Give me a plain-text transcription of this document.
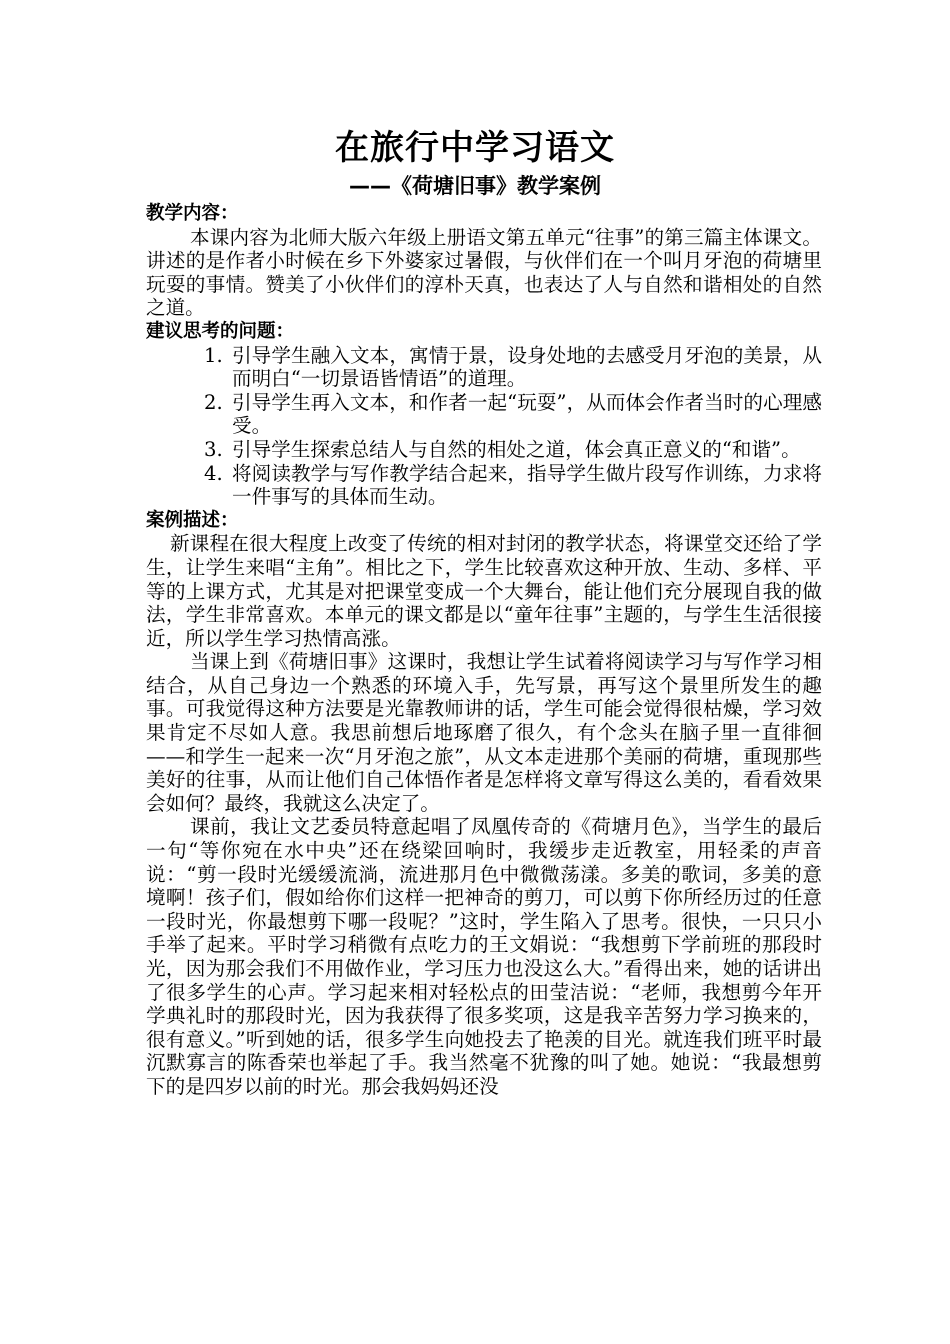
在旅行中学习语文
——《荷塘旧事》教学案例

教学内容：

本课内容为北师大版六年级上册语文第五单元“往事”的第三篇主体课文。讲述的是作者小时候在乡下外婆家过暑假，与伙伴们在一个叫月牙泡的荷塘里玩耍的事情。赞美了小伙伴们的淳朴天真，也表达了人与自然和谐相处的自然之道。

建议思考的问题：

1. 引导学生融入文本，寓情于景，设身处地的去感受月牙泡的美景，从而明白“一切景语皆情语”的道理。
2. 引导学生再入文本，和作者一起“玩耍”，从而体会作者当时的心理感受。
3. 引导学生探索总结人与自然的相处之道，体会真正意义的“和谐”。
4. 将阅读教学与写作教学结合起来，指导学生做片段写作训练，力求将一件事写的具体而生动。

案例描述：

新课程在很大程度上改变了传统的相对封闭的教学状态，将课堂交还给了学生，让学生来唱“主角”。相比之下，学生比较喜欢这种开放、生动、多样、平等的上课方式，尤其是对把课堂变成一个大舞台，能让他们充分展现自我的做法，学生非常喜欢。本单元的课文都是以“童年往事”主题的，与学生生活很接近，所以学生学习热情高涨。

当课上到《荷塘旧事》这课时，我想让学生试着将阅读学习与写作学习相结合，从自己身边一个熟悉的环境入手，先写景，再写这个景里所发生的趣事。可我觉得这种方法要是光靠教师讲的话，学生可能会觉得很枯燥，学习效果肯定不尽如人意。我思前想后地琢磨了很久，有个念头在脑子里一直徘徊——和学生一起来一次“月牙泡之旅”，从文本走进那个美丽的荷塘，重现那些美好的往事，从而让他们自己体悟作者是怎样将文章写得这么美的，看看效果会如何？最终，我就这么决定了。

课前，我让文艺委员特意起唱了凤凰传奇的《荷塘月色》，当学生的最后一句“等你宛在水中央”还在绕梁回响时，我缓步走近教室，用轻柔的声音说：“剪一段时光缓缓流淌，流进那月色中微微荡漾。多美的歌词，多美的意境啊！孩子们，假如给你们这样一把神奇的剪刀，可以剪下你所经历过的任意一段时光，你最想剪下哪一段呢？”这时，学生陷入了思考。很快，一只只小手举了起来。平时学习稍微有点吃力的王文娟说：“我想剪下学前班的那段时光，因为那会我们不用做作业，学习压力也没这么大。”看得出来，她的话讲出了很多学生的心声。学习起来相对轻松点的田莹洁说：“老师，我想剪今年开学典礼时的那段时光，因为我获得了很多奖项，这是我辛苦努力学习换来的，很有意义。”听到她的话，很多学生向她投去了艳羡的目光。就连我们班平时最沉默寡言的陈香荣也举起了手。我当然毫不犹豫的叫了她。她说：“我最想剪下的是四岁以前的时光。那会我妈妈还没
